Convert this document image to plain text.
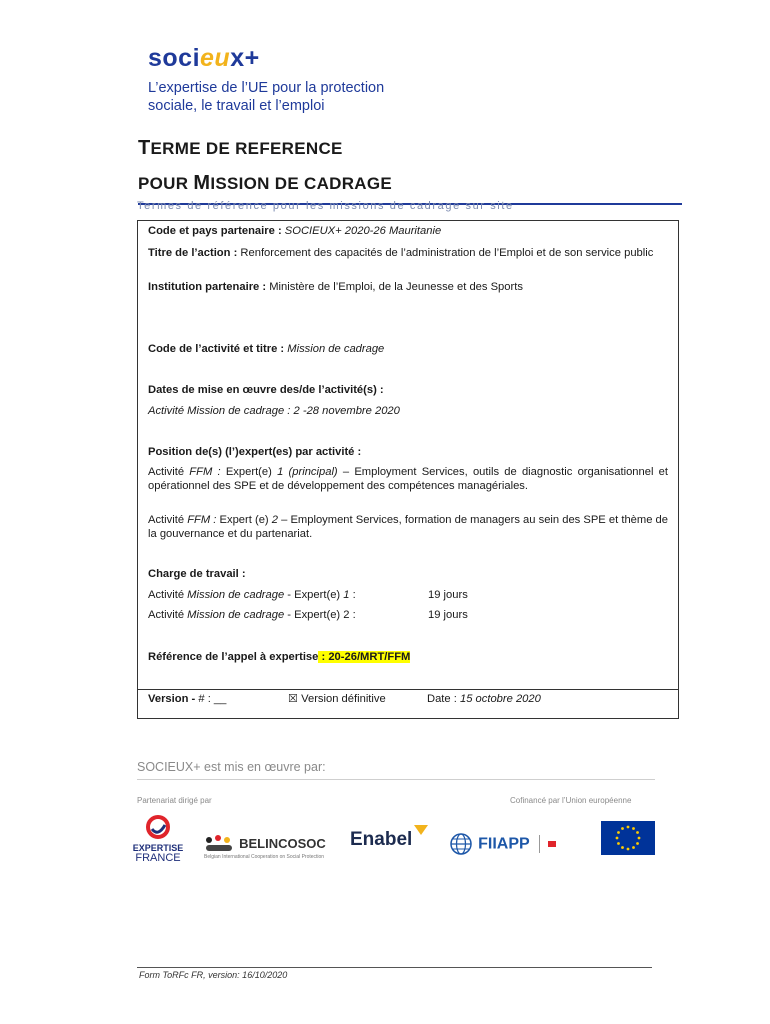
socieux+
L’expertise de l’UE pour la protection sociale, le travail et l’emploi
TERME DE REFERENCE
POUR MISSION DE CADRAGE
Termes de référence pour les missions de cadrage sur site
Code et pays partenaire : SOCIEUX+ 2020-26 Mauritanie
Titre de l’action : Renforcement des capacités de l’administration de l’Emploi et de son service public
Institution partenaire : Ministère de l’Emploi, de la Jeunesse et des Sports
Code de l’activité et titre : Mission de cadrage
Dates de mise en œuvre des/de l’activité(s) :
Activité Mission de cadrage : 2 -28 novembre 2020
Position de(s) (l’)expert(es) par activité :
Activité FFM : Expert(e) 1 (principal) – Employment Services, outils de diagnostic organisationnel et opérationnel des SPE et de développement des compétences managériales.
Activité FFM : Expert (e) 2 – Employment Services, formation de managers au sein des SPE et thème de la gouvernance et du partenariat.
Charge de travail :
Activité Mission de cadrage - Expert(e) 1 :	19 jours
Activité Mission de cadrage - Expert(e) 2 :	19 jours
Référence de l’appel à expertise : 20-26/MRT/FFM
Version - # : __	☒ Version définitive	Date : 15 octobre 2020
SOCIEUX+ est mis en œuvre par:
Partenariat dirigé par	Cofinancé par l’Union européenne
EXPERTISE
FRANCE
BELINCOSOC
Belgian International Cooperation on Social Protection
Enabel	FIIAPP
Form ToRFc FR, version: 16/10/2020
